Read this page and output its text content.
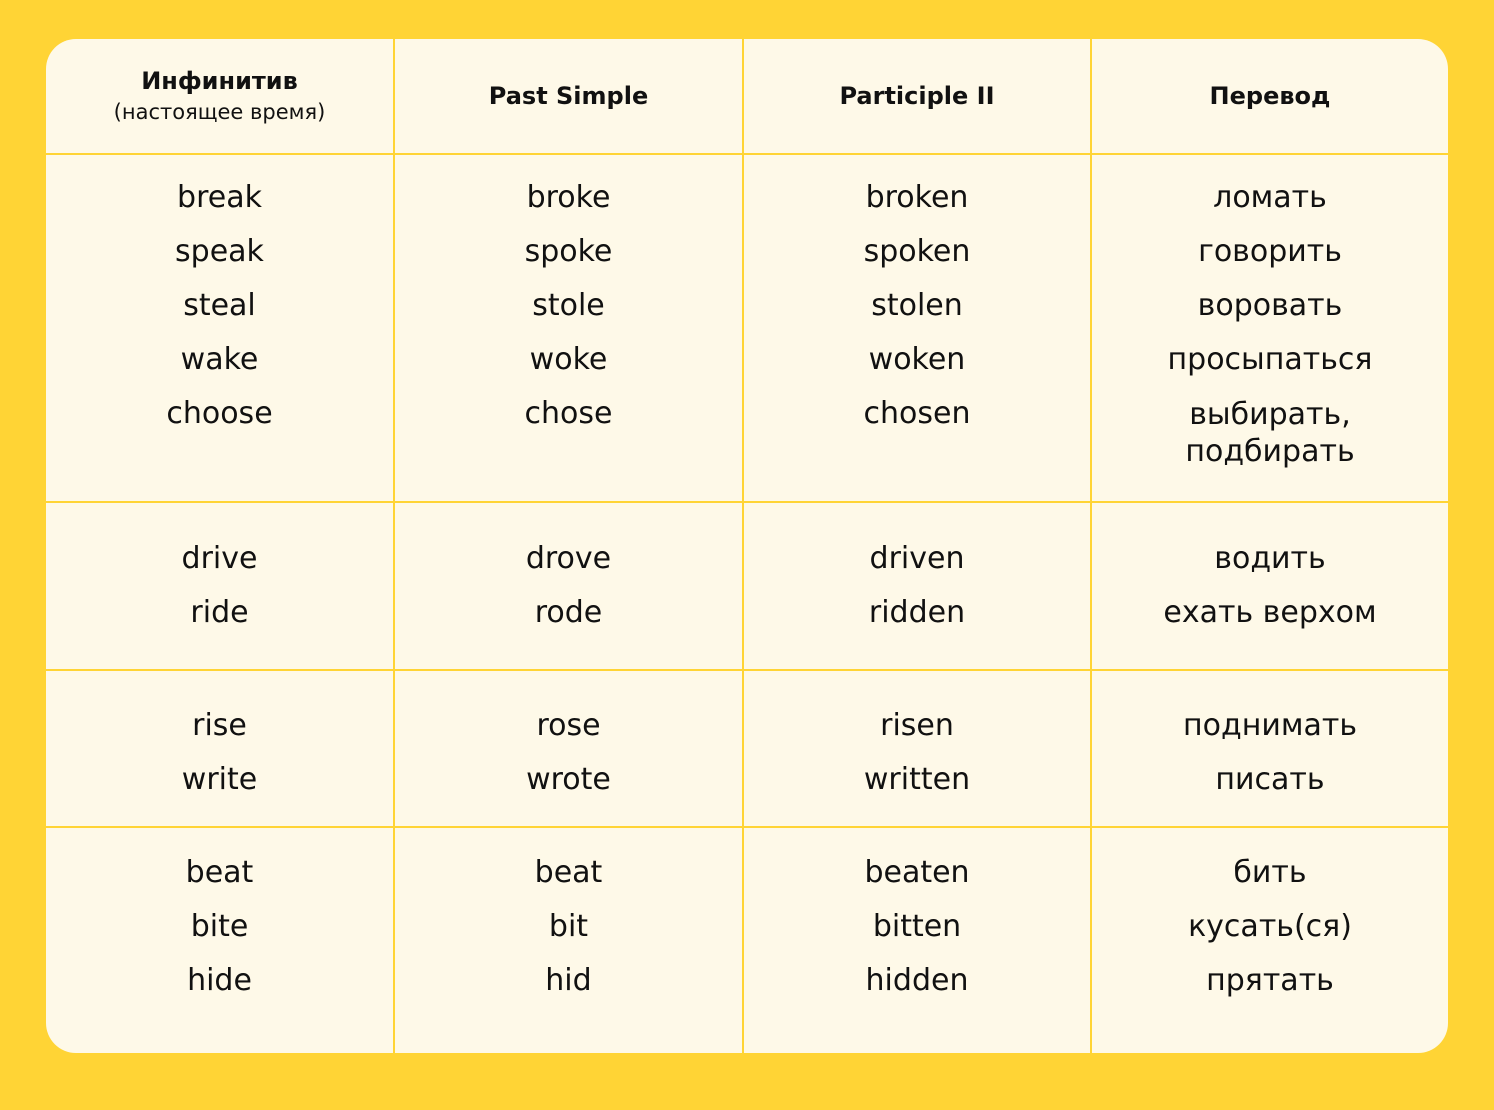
Инфинитив
(настоящее время)
Past Simple	Participle II	Перевод
break
speak
steal
wake
choose
broke
spoke
stole
woke
chose
broken
spoken
stolen
woken
chosen
ломать
говорить
воровать
просыпаться
выбирать,
подбирать
drive
ride
drove
rode
driven
ridden
водить
ехать верхом
rise
write
rose
wrote
risen
written
поднимать
писать
beat
bite
hide
beat
bit
hid
beaten
bitten
hidden
бить
кусать(ся)
прятать
